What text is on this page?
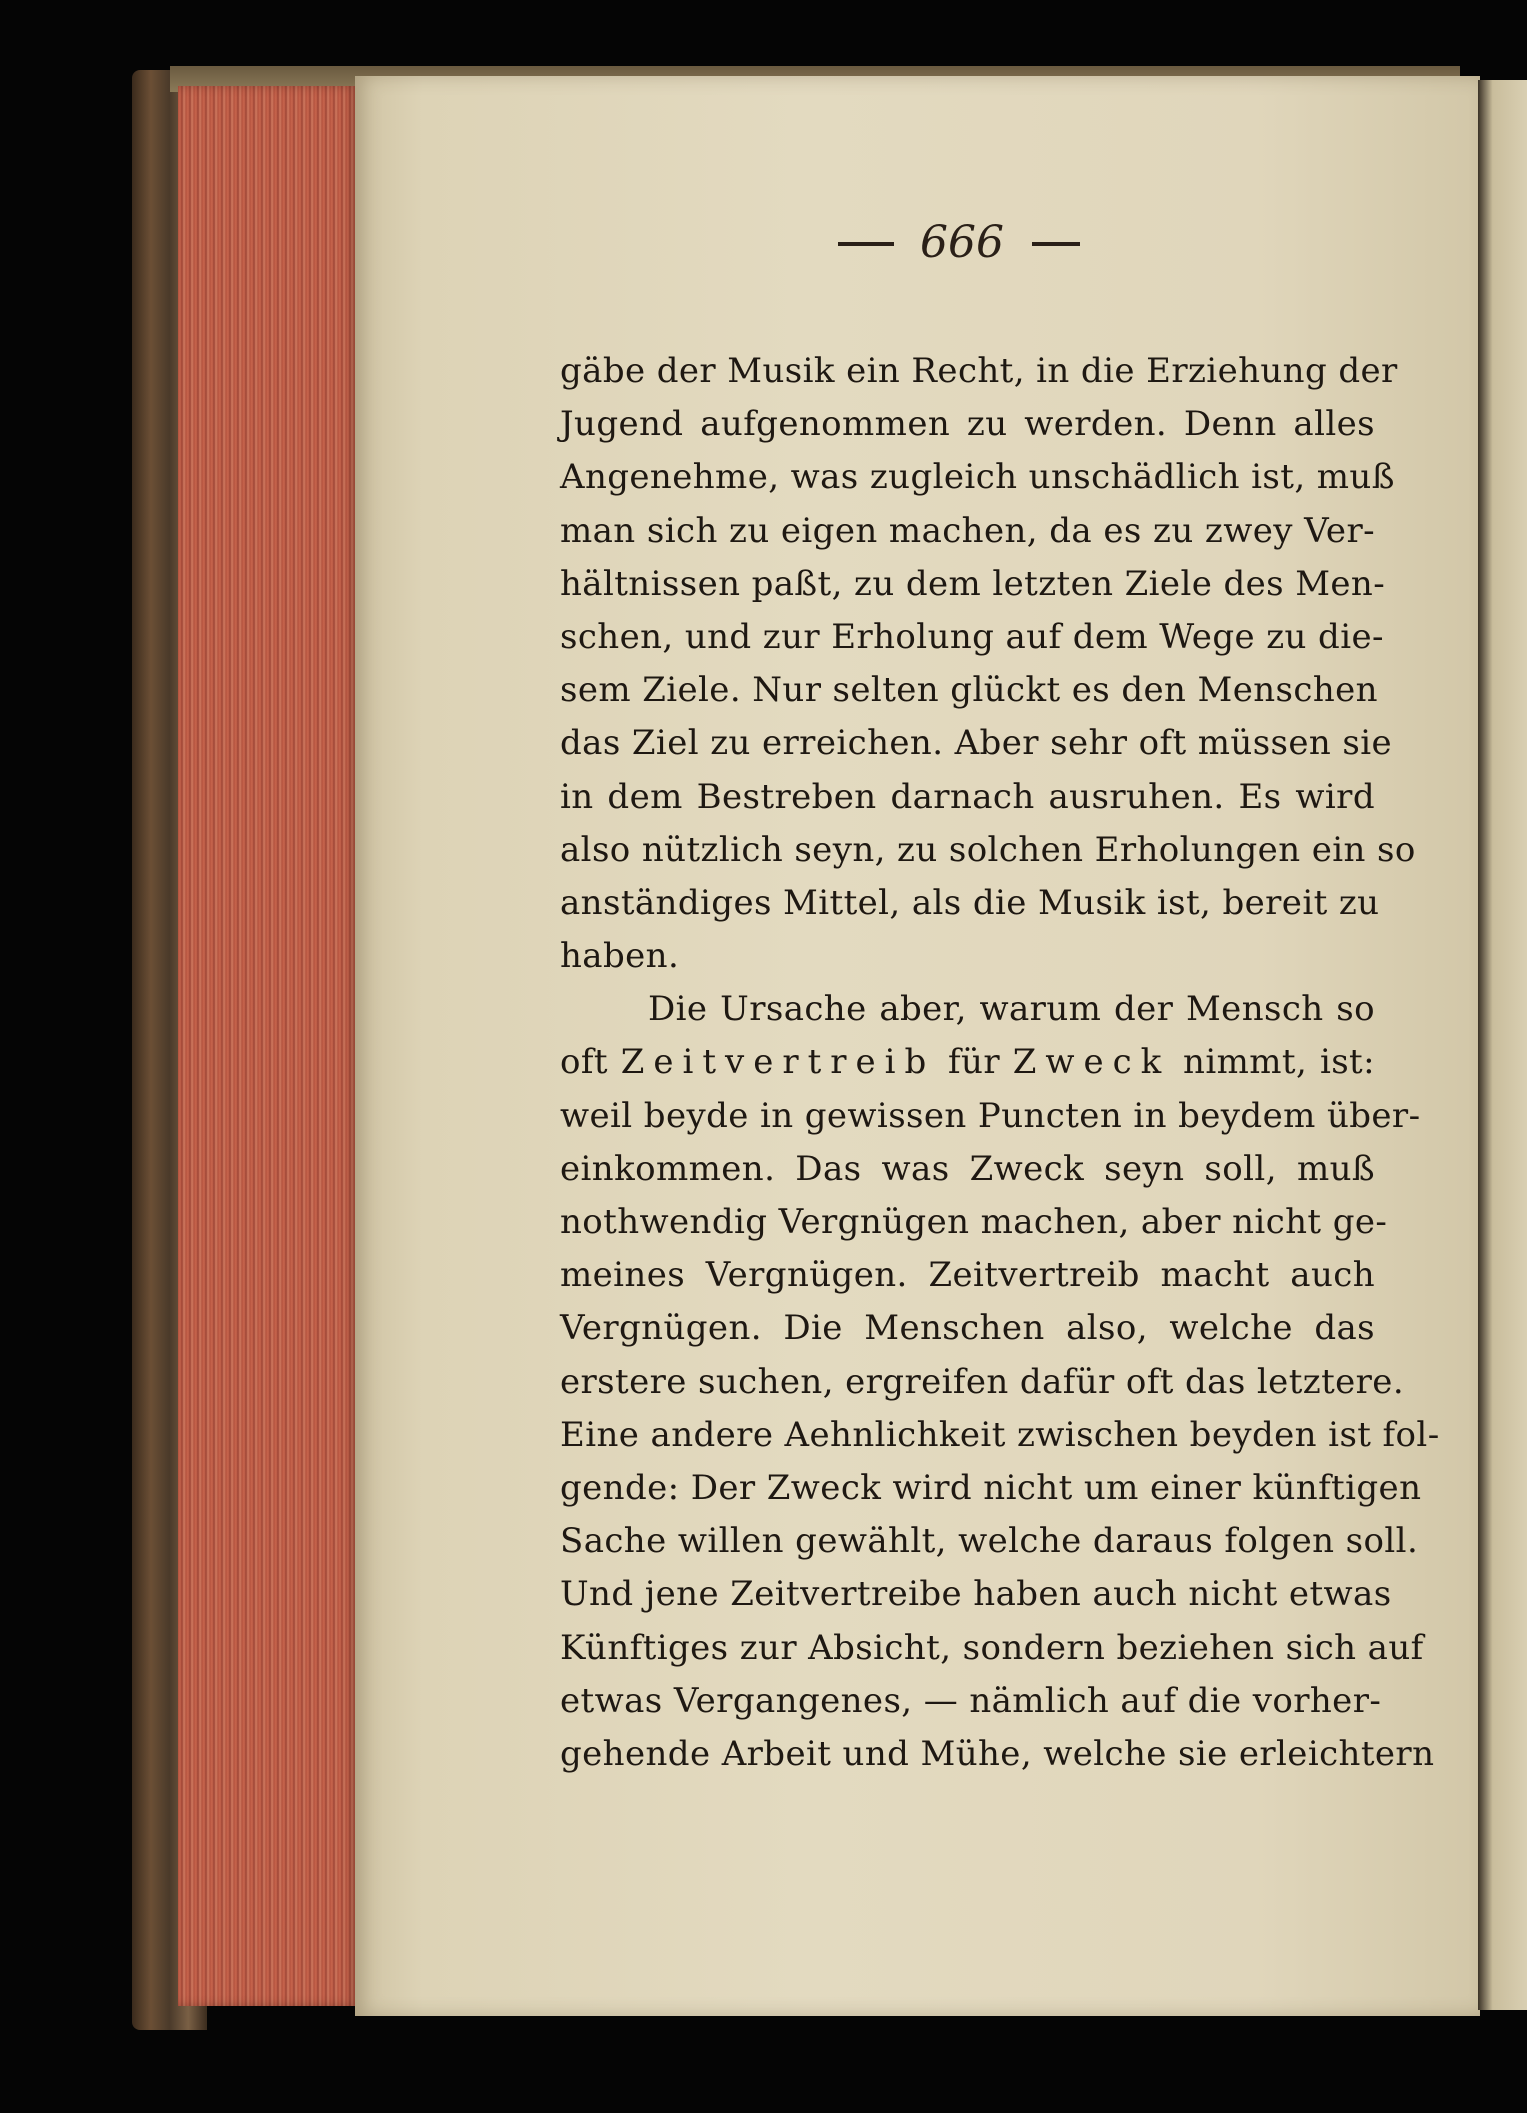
666
gäbe der Musik ein Recht, in die Erziehung der
Jugend aufgenommen zu werden. Denn alles
Angenehme, was zugleich unschädlich ist, muß
man sich zu eigen machen, da es zu zwey Ver-
hältnissen paßt, zu dem letzten Ziele des Men-
schen, und zur Erholung auf dem Wege zu die-
sem Ziele. Nur selten glückt es den Menschen
das Ziel zu erreichen. Aber sehr oft müssen sie
in dem Bestreben darnach ausruhen. Es wird
also nützlich seyn, zu solchen Erholungen ein so
anständiges Mittel, als die Musik ist, bereit zu
haben.
Die Ursache aber, warum der Mensch so
oft Zeitvertreib für Zweck nimmt, ist:
weil beyde in gewissen Puncten in beydem über-
einkommen. Das was Zweck seyn soll, muß
nothwendig Vergnügen machen, aber nicht ge-
meines Vergnügen. Zeitvertreib macht auch
Vergnügen. Die Menschen also, welche das
erstere suchen, ergreifen dafür oft das letztere.
Eine andere Aehnlichkeit zwischen beyden ist fol-
gende: Der Zweck wird nicht um einer künftigen
Sache willen gewählt, welche daraus folgen soll.
Und jene Zeitvertreibe haben auch nicht etwas
Künftiges zur Absicht, sondern beziehen sich auf
etwas Vergangenes, — nämlich auf die vorher-
gehende Arbeit und Mühe, welche sie erleichtern
